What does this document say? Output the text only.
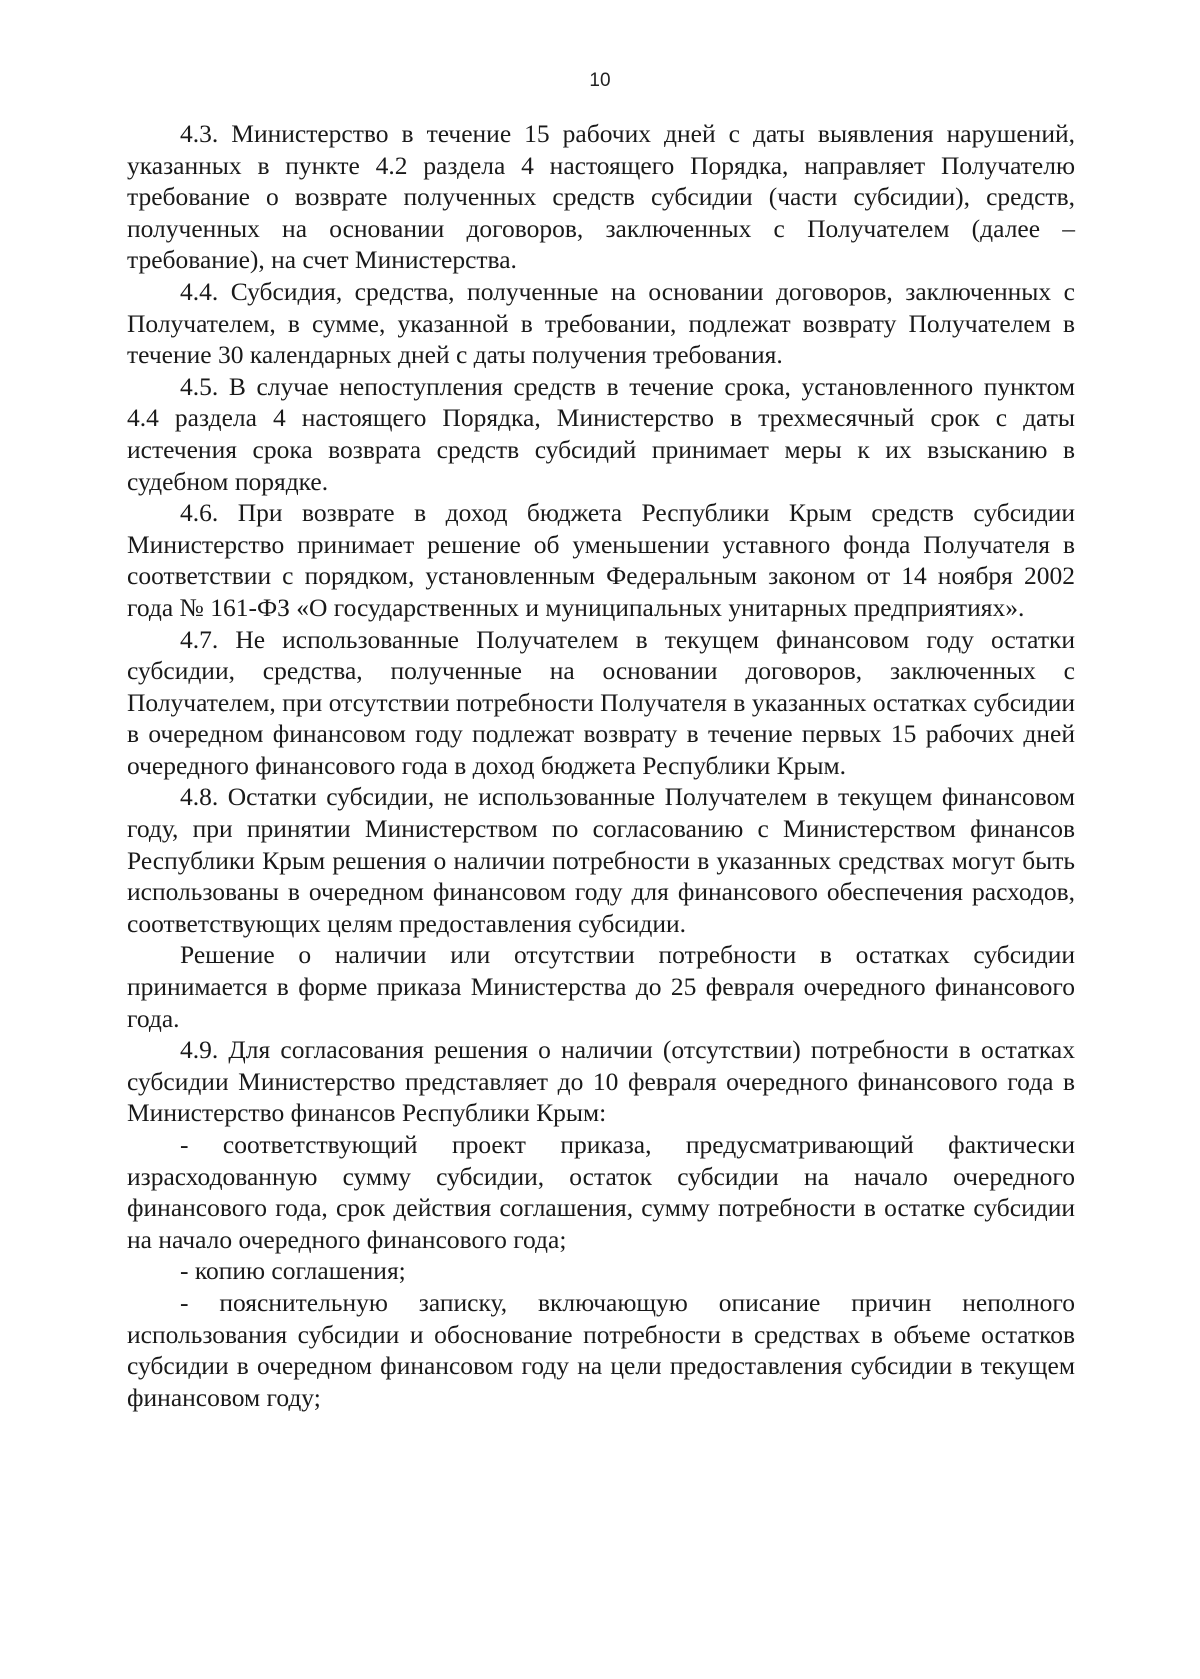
10

4.3. Министерство в течение 15 рабочих дней с даты выявления нарушений, указанных в пункте 4.2 раздела 4 настоящего Порядка, направляет Получателю требование о возврате полученных средств субсидии (части субсидии), средств, полученных на основании договоров, заключенных с Получателем (далее – требование), на счет Министерства.

4.4. Субсидия, средства, полученные на основании договоров, заключенных с Получателем, в сумме, указанной в требовании, подлежат возврату Получателем в течение 30 календарных дней с даты получения требования.

4.5. В случае непоступления средств в течение срока, установленного пунктом 4.4 раздела 4 настоящего Порядка, Министерство в трехмесячный срок с даты истечения срока возврата средств субсидий принимает меры к их взысканию в судебном порядке.

4.6. При возврате в доход бюджета Республики Крым средств субсидии Министерство принимает решение об уменьшении уставного фонда Получателя в соответствии с порядком, установленным Федеральным законом от 14 ноября 2002 года № 161-ФЗ «О государственных и муниципальных унитарных предприятиях».

4.7. Не использованные Получателем в текущем финансовом году остатки субсидии, средства, полученные на основании договоров, заключенных с Получателем, при отсутствии потребности Получателя в указанных остатках субсидии в очередном финансовом году подлежат возврату в течение первых 15 рабочих дней очередного финансового года в доход бюджета Республики Крым.

4.8. Остатки субсидии, не использованные Получателем в текущем финансовом году, при принятии Министерством по согласованию с Министерством финансов Республики Крым решения о наличии потребности в указанных средствах могут быть использованы в очередном финансовом году для финансового обеспечения расходов, соответствующих целям предоставления субсидии.

Решение о наличии или отсутствии потребности в остатках субсидии принимается в форме приказа Министерства до 25 февраля очередного финансового года.

4.9. Для согласования решения о наличии (отсутствии) потребности в остатках субсидии Министерство представляет до 10 февраля очередного финансового года в Министерство финансов Республики Крым:

- соответствующий проект приказа, предусматривающий фактически израсходованную сумму субсидии, остаток субсидии на начало очередного финансового года, срок действия соглашения, сумму потребности в остатке субсидии на начало очередного финансового года;

- копию соглашения;

- пояснительную записку, включающую описание причин неполного использования субсидии и обоснование потребности в средствах в объеме остатков субсидии в очередном финансовом году на цели предоставления субсидии в текущем финансовом году;
